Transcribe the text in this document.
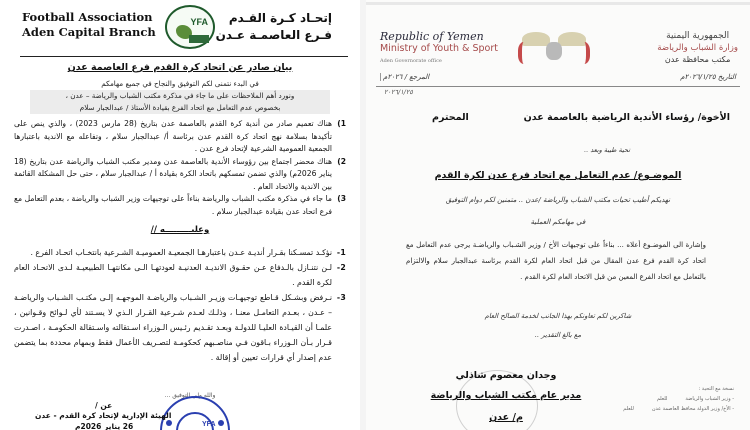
Football Association
Aden Capital Branch
YFA	إتحـاد كـرة القـدم
فـرع العاصمـة عـدن
بيان صادر عن اتحاد كرة القدم فرع العاصمة عدن
في البدء نتمنى لكم التوفيق والنجاح في جميع مهامكم
ونورد أهم الملاحظات على ما جاء في مذكرة مكتب الشباب والرياضة – عدن ،
بخصوص عدم التعامل مع اتحاد الفرع بقيادة الأستاذ / عبدالجبار سلام

1)
هناك تعميم صادر من أندية كرة القدم بالعاصمة عدن بتاريخ (28 مارس 2023) ، والذي ينص على تأكيدها بسلامة نهج اتحاد كرة القدم عدن برئاسة أ/ عبدالجبار سلام ، وتفاعله مع الاندية باعتبارها الجمعية العمومية الشرعية لإتحاد فرع عدن .

2)
هناك محضر اجتماع بين رؤوساء الأندية بالعاصمة عدن ومدير مكتب الشباب والرياضة عدن بتاريخ (18 يناير 2026م) والذي تضمن تمسكهم باتحاد الكرة بقيادة أ / عبدالجبار سلام ، حتى حل المشكلة القائمة بين الاندية والاتحاد العام .

3)
ما جاء في مذكرة مكتب الشباب والرياضة بناءاً على توجيهات وزير الشباب والرياضة ، بعدم التعامل مع فرع اتحاد عدن بقيادة عبدالجبار سلام .

وعليـــــــــه //
1-
نؤكـد تمسـكنا بقـرار أنديـة عـدن باعتبارهـا الجمعيـة العموميـة الشـرعية بانتخـاب اتحـاد الفرع .
2-
لـن نتنـازل بالـدفاع عـن حقـوق الانديـة العدنيـة لعودتهـا الـى مكانتهـا الطبيعيـة لـدى الاتحـاد العام لكرة القدم .
3-
نـرفض وبشـكل قـاطع توجيهـات وزيـر الشـباب والرياضـة الموجهـه إلـى مكتـب الشـباب والرياضـة – عـدن ، بعـدم التعامـل معنـا ، وذلـك لعـدم شـرعية القـرار الـذي لا يسـتند لأي لـوائح وقـوانين ، علمـا أن القيـادة العليـا للدولـة وبعـد تقـديم رئـيس الـوزراء اسـتقالته واسـتقالة الحكومـة ، اصـدرت قـرار بـأن الـوزراء بـاقون فـي مناصـبهم كحكومـة لتصـريف الأعمال فقط وبمهام محددة بما يتضمن عدم إصدار أي قرارات تعيين أو إقالة .
والله ولي التوفيق ...
YFA
عن /
الهيئة الإدارية لإتحاد كرة القدم - عدن
26 يناير 2026م
Republic of Yemen
Ministry of Youth & Sport
Aden Governorate office
الجمهورية اليمنية
وزارة الشباب والرياضة
مكتب محافظة عدن
المرجع / ٢٠٢٦م
٢٠٢٦/١/٢٥
التاريخ ٢٠٢٦/١/٢٥م
الأخوة/ رؤساء الأندية الرياضية بالعاصمة عدن
المحترم
تحية طيبة وبعد ..
الموضـوع/ عدم التعامل مع اتحاد فرع عدن لكرة القدم
نهديكم أطيب تحيات مكتب الشباب والرياضة /عدن .. متمنين لكم دوام التوفيق
في مهامكم العملية
وإشارة الى الموضـوع أعلاه ... بناءاً على توجيهات الأخ / وزير الشـباب والرياضـة يرجى عدم التعامل مع اتحاد كرة القدم فرع عدن المقال من قبل اتحاد العام لكرة القدم برئاسة عبدالجبار سلام والالتزام بالتعامل مع اتحاد الفرع المعين من قبل الاتحاد العام لكرة القدم .
شاكرين لكم تعاونكم بهذا الجانب لخدمة الصالح العام
مع بالغ التقدير ..
وجدان معصوم شاذلي
مدير عام مكتب الشباب والرياضة
م/ عدن
نسخة مع التحية :
- وزير الشباب والرياضة
للعلم
- الأخ/ وزير الدولة محافظ العاصمة عدن
للعلم
